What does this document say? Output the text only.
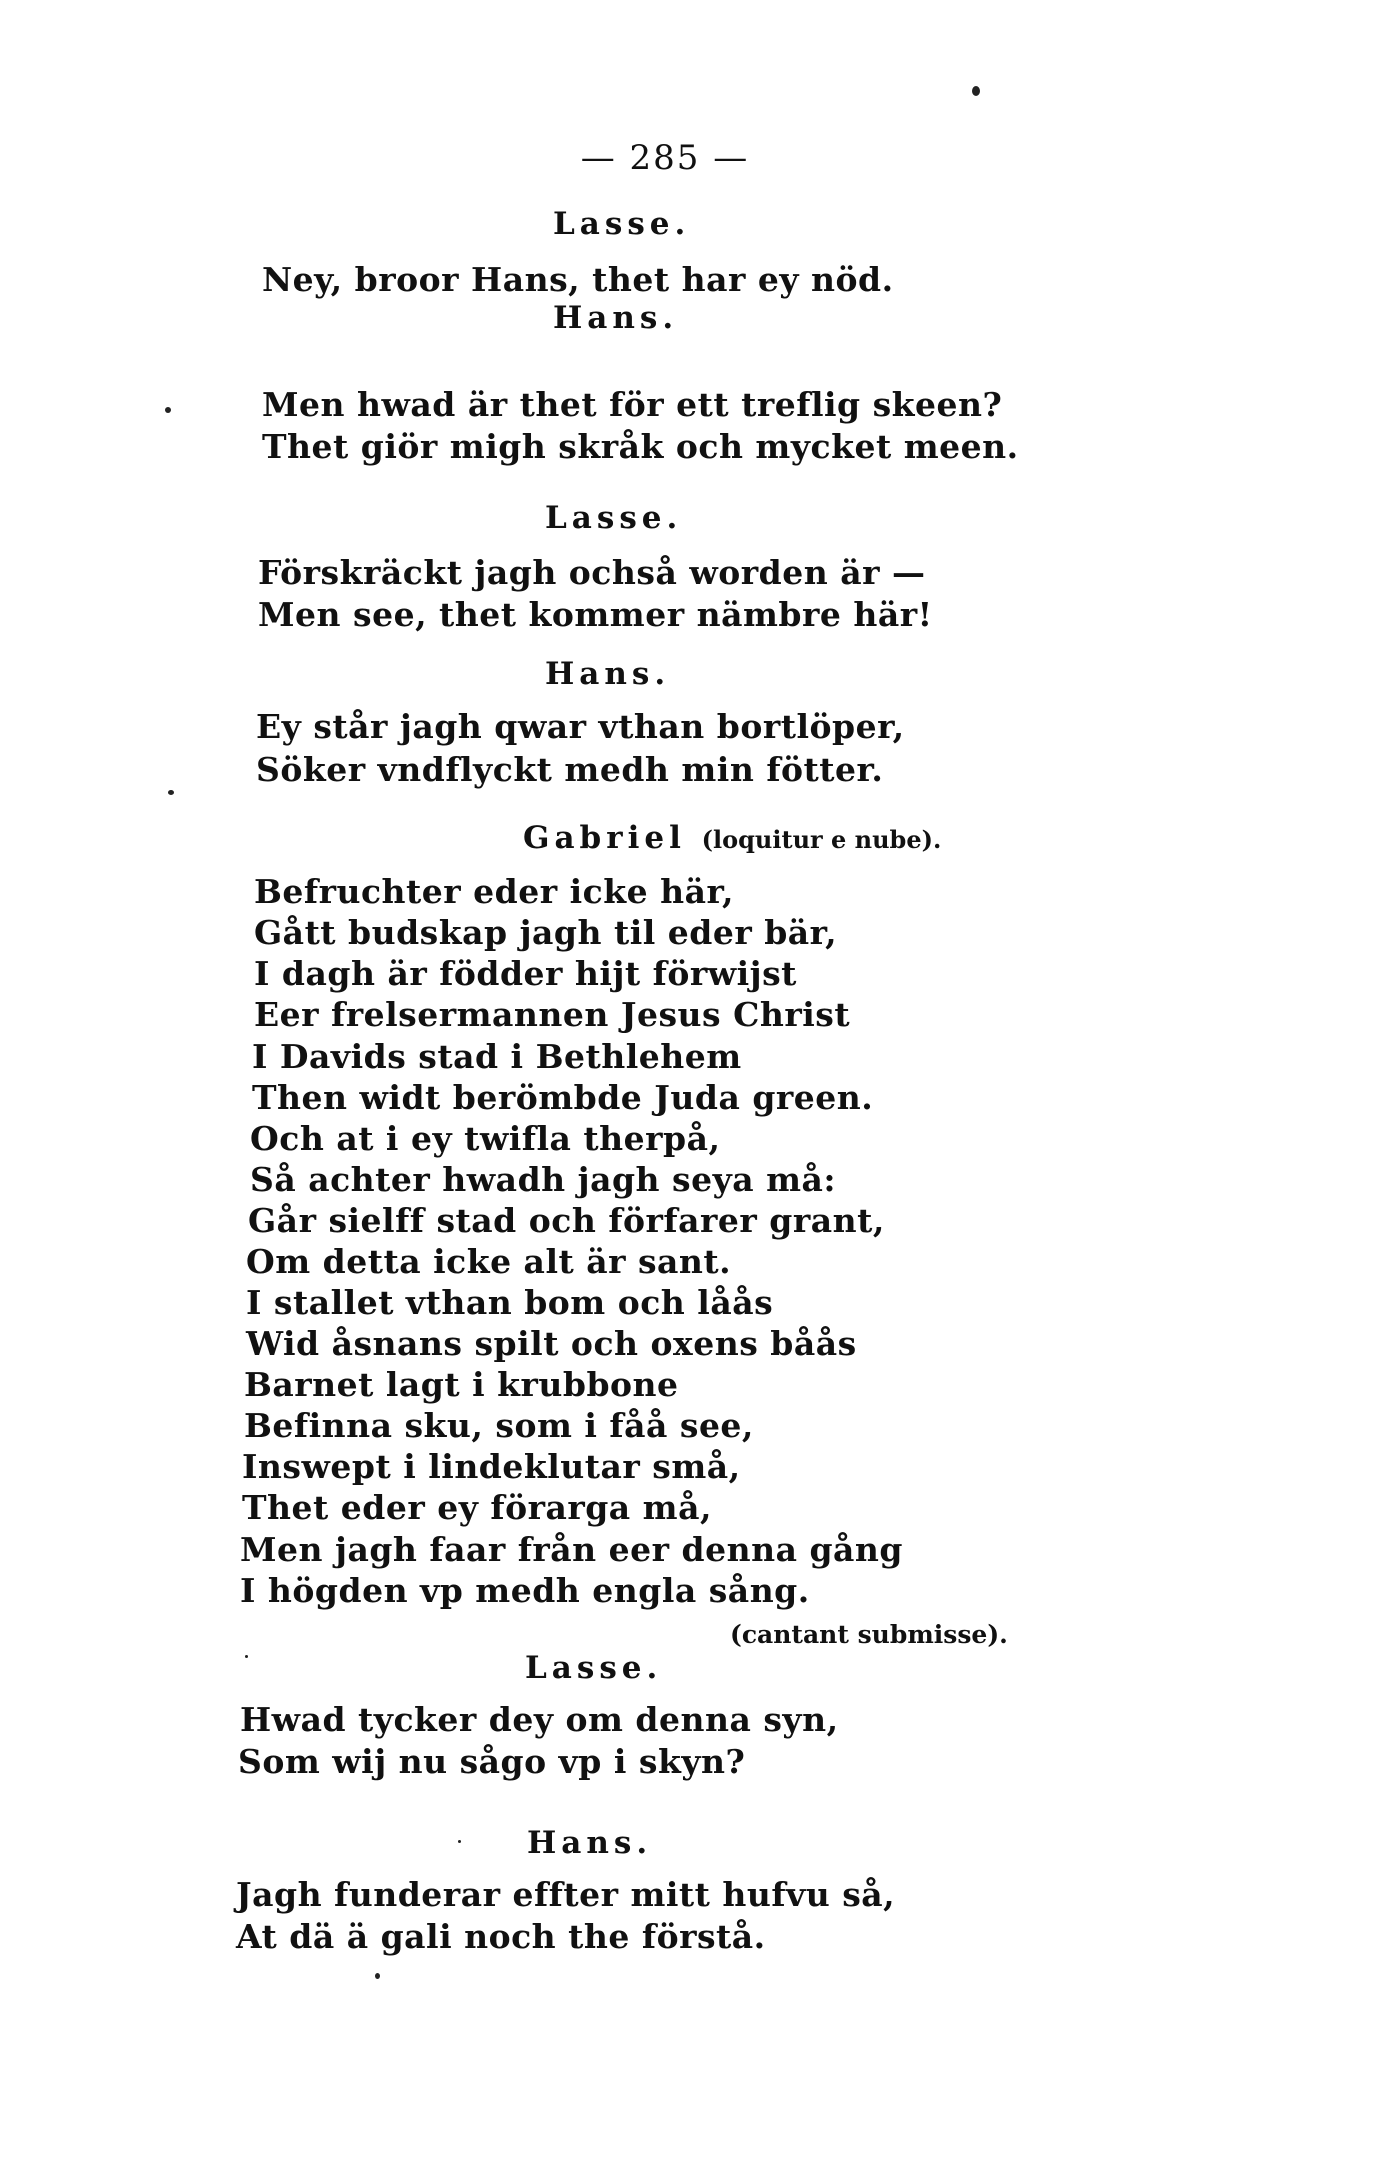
— 285 —
Lasse.
Ney, broor Hans, thet har ey nöd.
Hans.
Men hwad är thet för ett treflig skeen?
Thet giör migh skråk och mycket meen.
Lasse.
Förskräckt jagh ochså worden är —
Men see, thet kommer nämbre här!
Hans.
Ey står jagh qwar vthan bortlöper,
Söker vndflyckt medh min fötter.
Gabriel (loquitur e nube).
Befruchter eder icke här,
Gått budskap jagh til eder bär,
I dagh är födder hijt förwijst
Eer frelsermannen Jesus Christ
I Davids stad i Bethlehem
Then widt berömbde Juda green.
Och at i ey twifla therpå,
Så achter hwadh jagh seya må:
Går sielff stad och förfarer grant,
Om detta icke alt är sant.
I stallet vthan bom och låås
Wid åsnans spilt och oxens båås
Barnet lagt i krubbone
Befinna sku, som i fåå see,
Inswept i lindeklutar små,
Thet eder ey förarga må,
Men jagh faar från eer denna gång
I högden vp medh engla sång.
(cantant submisse).
Lasse.
Hwad tycker dey om denna syn,
Som wij nu sågo vp i skyn?
Hans.
Jagh funderar effter mitt hufvu så,
At dä ä gali noch the förstå.
